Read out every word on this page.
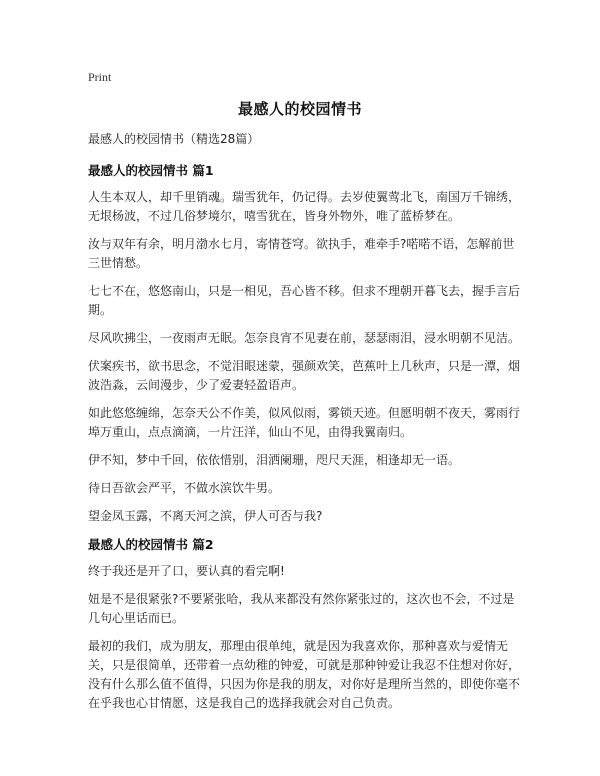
Print
最感人的校园情书
最感人的校园情书（精选28篇）
最感人的校园情书 篇1

人生本双人，却千里销魂。瑞雪犹年，仍记得。去岁使翼莺北飞，南国万千锦绣，无垠杨波，不过几俗梦境尔，嘻雪犹在，皆身外物外，唯了蓝桥梦在。

汝与双年有余，明月渤水七月，寄情苍穹。欲执手，难牵手?喏喏不语，怎解前世三世情愁。

七七不在，悠悠南山，只是一相见，吾心皆不移。但求不理朝开暮飞去，握手言后期。

尽风吹拂尘，一夜雨声无眠。怎奈良宵不见妻在前，瑟瑟雨泪，浸水明朝不见洁。

伏案疾书，欲书思念，不觉泪眼迷蒙，强颜欢笑，芭蕉叶上几秋声，只是一潭，烟波浩淼，云间漫步，少了爱妻轻盈语声。

如此悠悠缠绵，怎奈天公不作美，似风似雨，雾锁天迹。但愿明朝不夜天，雾雨行埠万重山，点点滴滴，一片汪洋，仙山不见，由得我翼南归。

伊不知，梦中千回，依依惜别，泪洒阑珊，咫尺天涯，相逢却无一语。

待日吾欲会严平，不做水滨饮牛男。

望金凤玉露，不离天河之滨，伊人可否与我?

最感人的校园情书 篇2

终于我还是开了口，要认真的看完啊!

妞是不是很紧张?不要紧张哈，我从来都没有然你紧张过的，这次也不会，不过是几句心里话而已。

最初的我们，成为朋友，那理由很单纯，就是因为我喜欢你，那种喜欢与爱情无关，只是很简单，还带着一点幼稚的钟爱，可就是那种钟爱让我忍不住想对你好，没有什么那么值不值得，只因为你是我的朋友，对你好是理所当然的，即使你毫不在乎我也心甘情愿，这是我自己的选择我就会对自己负责。
